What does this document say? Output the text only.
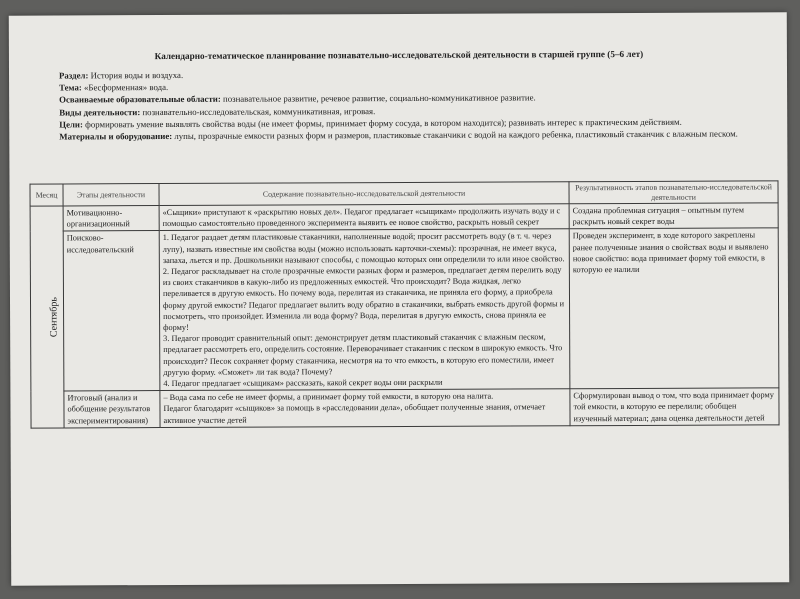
Календарно-тематическое планирование познавательно-исследовательской деятельности в старшей группе (5–6 лет)

Раздел: История воды и воздуха.

Тема: «Бесформенная» вода.

Осваиваемые образовательные области: познавательное развитие, речевое развитие, социально-коммуникативное развитие.

Виды деятельности: познавательно-исследовательская, коммуникативная, игровая.

Цели: формировать умение выявлять свойства воды (не имеет формы, принимает форму сосуда, в котором находится); развивать интерес к практическим действиям.

Материалы и оборудование: лупы, прозрачные емкости разных форм и размеров, пластиковые стаканчики с водой на каждого ребенка, пластиковый стаканчик с влажным песком.

Месяц	Этапы деятельности	Содержание познавательно-исследовательской деятельности	Результативность этапов познавательно-исследовательской деятельности
Сентябрь	Мотивационно-организационный	«Сыщики» приступают к «раскрытию новых дел». Педагог предлагает «сыщикам» продолжить изучать воду и с помощью самостоятельно проведенного эксперимента выявить ее новое свойство, раскрыть новый секрет	Создана проблемная ситуация – опытным путем раскрыть новый секрет воды
	Поисково-исследовательский	1. Педагог раздает детям пластиковые стаканчики, наполненные водой; просит рассмотреть воду (в т. ч. через лупу), назвать известные им свойства воды (можно использовать карточки-схемы): прозрачная, не имеет вкуса, запаха, льется и пр. Дошкольники называют способы, с помощью которых они определили то или иное свойство.

2. Педагог раскладывает на столе прозрачные емкости разных форм и размеров, предлагает детям перелить воду из своих стаканчиков в какую-либо из предложенных емкостей. Что происходит? Вода жидкая, легко переливается в другую емкость. Но почему вода, перелитая из стаканчика, не приняла его форму, а приобрела форму другой емкости? Педагог предлагает вылить воду обратно в стаканчики, выбрать емкость другой формы и посмотреть, что произойдет. Изменила ли вода форму? Вода, перелитая в другую емкость, снова приняла ее форму!

3. Педагог проводит сравнительный опыт: демонстрирует детям пластиковый стаканчик с влажным песком, предлагает рассмотреть его, определить состояние. Переворачивает стаканчик с песком в широкую емкость. Что происходит? Песок сохраняет форму стаканчика, несмотря на то что емкость, в которую его поместили, имеет другую форму. «Сможет» ли так вода? Почему?

4. Педагог предлагает «сыщикам» рассказать, какой секрет воды они раскрыли	Проведен эксперимент, в ходе которого закреплены ранее полученные знания о свойствах воды и выявлено новое свойство: вода принимает форму той емкости, в которую ее налили
	Итоговый (анализ и обобщение результатов экспериментирования)	– Вода сама по себе не имеет формы, а принимает форму той емкости, в которую она налита.

Педагог благодарит «сыщиков» за помощь в «расследовании дела», обобщает полученные знания, отмечает активное участие детей	Сформулирован вывод о том, что вода принимает форму той емкости, в которую ее перелили; обобщен изученный материал; дана оценка деятельности детей
